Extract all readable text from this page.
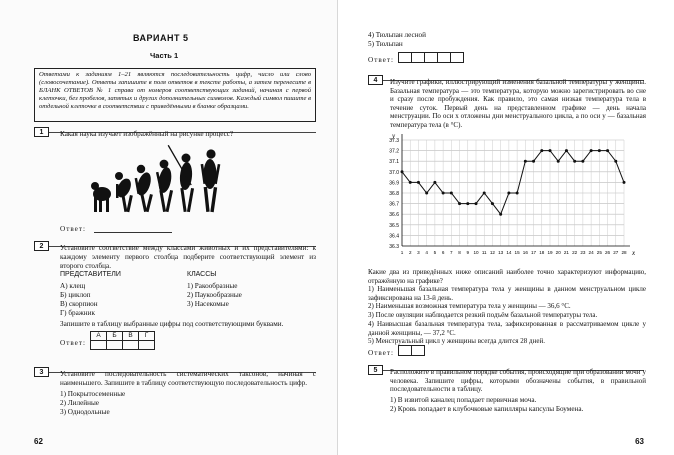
ВАРИАНТ 5
Часть 1
Ответами к заданиям 1–21 являются последовательность цифр, число или слово (словосочетание). Ответы запишите в поля ответов в тексте работы, а затем перенесите в БЛАНК ОТВЕТОВ № 1 справа от номеров соответствующих заданий, начиная с первой клеточки, без пробелов, запятых и других дополнительных символов. Каждый символ пишите в отдельной клеточке в соответствии с приведёнными в бланке образцами.
1	Какая наука изучает изображённый на рисунке процесс?
Ответ:
2	Установите соответствие между классами животных и их представителями: к каждому элементу первого столбца подберите соответствующий элемент из второго столбца.
ПРЕДСТАВИТЕЛИ	КЛАССЫ
А) клещ
Б) циклоп
В) скорпион
Г) бражник
1) Ракообразные
2) Паукообразные
3) Насекомые
Запишите в таблицу выбранные цифры под соответствующими буквами.
Ответ:
А	Б	В	Г

3	Установите последовательность систематических таксонов, начиная с наименьшего. Запишите в таблицу соответствующую последовательность цифр.
1) Покрытосеменные
2) Лилейные
3) Однодольные
62
4) Тюльпан лесной
5) Тюльпан
Ответ:
4	Изучите графики, иллюстрирующий изменения базальной температуры у женщины. Базальная температура — это температура, которую можно зарегистрировать во сне и сразу после пробуждения. Как правило, это самая низкая температура тела в течение суток. Первый день на представленном графике — день начала менструации. По оси x отложены дни менструального цикла, а по оси y — базальная температура тела (в °С).
x
y
36.3
36.4
36.5
36.6
36.7
36.8
36.9
37.0
37.1
37.2
37.3
1 2 3 4 5 6 7 8 9 10 11 12 13 14 15 16 17 18 19 20 21 22 23 24 25 26 27 28
Какие два из приведённых ниже описаний наиболее точно характеризуют информацию, отражённую на графике?
1) Наименьшая базальная температура тела у женщины в данном менструальном цикле зафиксирована на 13-й день.
2) Наименьшая возможная температура тела у женщины — 36,6 °С.
3) После овуляции наблюдается резкий подъём базальной температуры тела.
4) Наивысшая базальная температура тела, зафиксированная в рассматриваемом цикле у данной женщины, — 37,2 °С.
5) Менструальный цикл у женщины всегда длится 28 дней.
Ответ:
5	Расположите в правильном порядке события, происходящие при образовании мочи у человека. Запишите цифры, которыми обозначены события, в правильной последовательности в таблицу.
1) В извитой каналец попадает первичная моча.
2) Кровь попадает в клубочковые капилляры капсулы Боумена.
63
